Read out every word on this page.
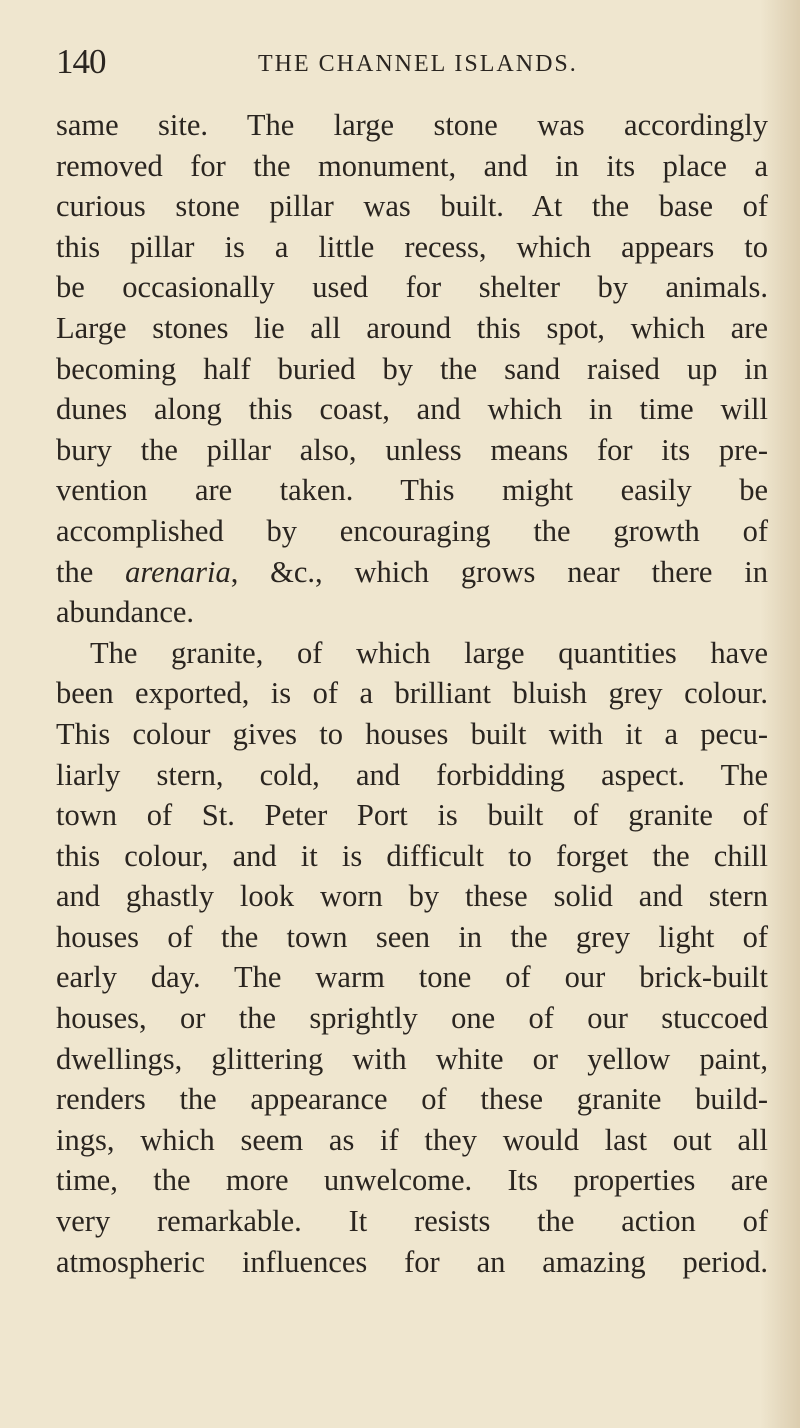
140	THE CHANNEL ISLANDS.
same site. The large stone was accordingly
removed for the monument, and in its place a
curious stone pillar was built. At the base of
this pillar is a little recess, which appears to
be occasionally used for shelter by animals.
Large stones lie all around this spot, which are
becoming half buried by the sand raised up in
dunes along this coast, and which in time will
bury the pillar also, unless means for its pre-
vention are taken. This might easily be
accomplished by encouraging the growth of
the arenaria, &c., which grows near there in
abundance.
The granite, of which large quantities have
been exported, is of a brilliant bluish grey colour.
This colour gives to houses built with it a pecu-
liarly stern, cold, and forbidding aspect. The
town of St. Peter Port is built of granite of
this colour, and it is difficult to forget the chill
and ghastly look worn by these solid and stern
houses of the town seen in the grey light of
early day. The warm tone of our brick-built
houses, or the sprightly one of our stuccoed
dwellings, glittering with white or yellow paint,
renders the appearance of these granite build-
ings, which seem as if they would last out all
time, the more unwelcome. Its properties are
very remarkable. It resists the action of
atmospheric influences for an amazing period.
